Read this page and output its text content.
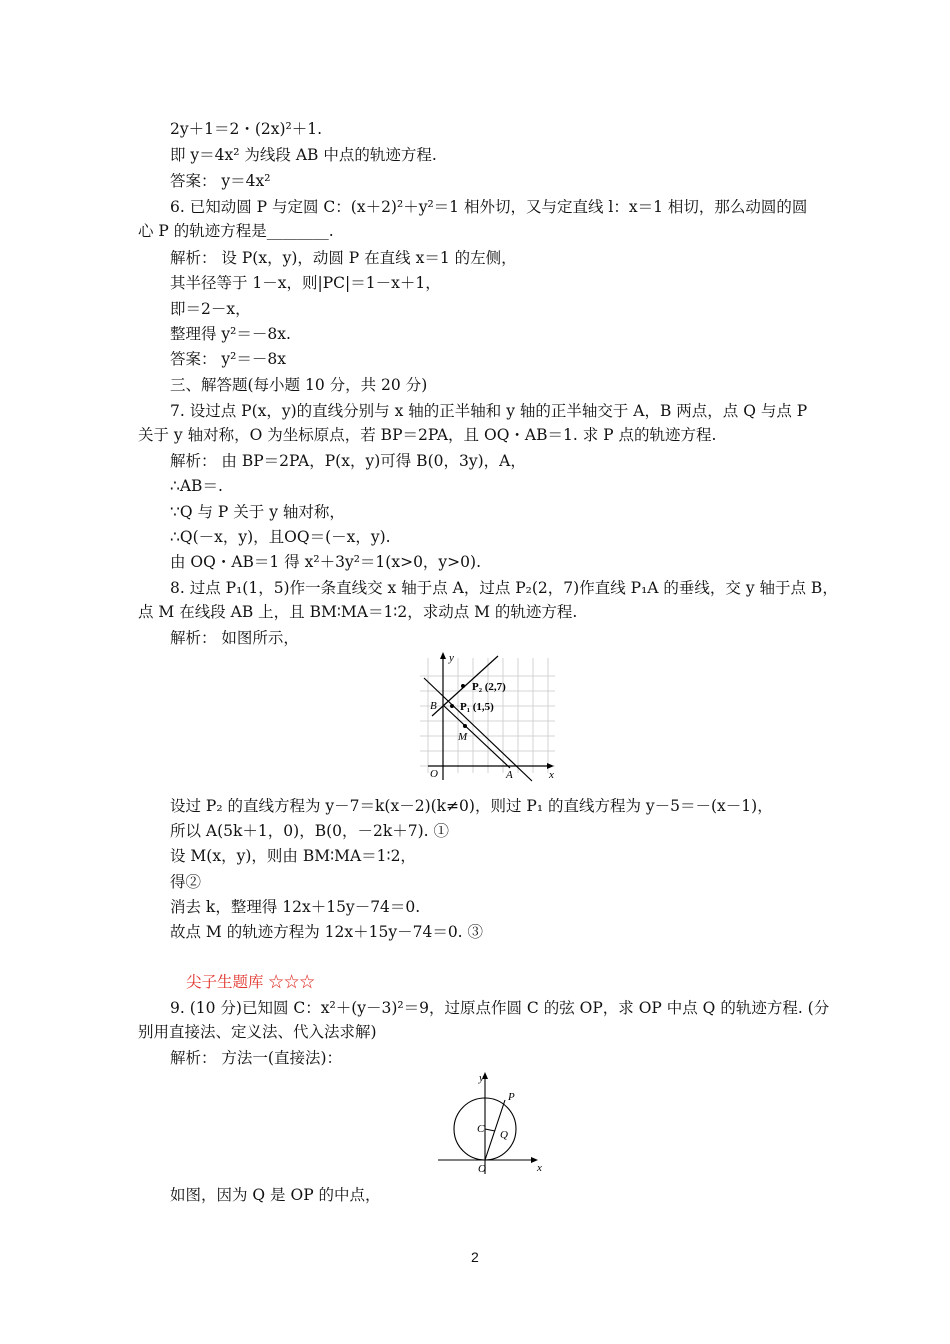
2y＋1＝2・(2x)²＋1.
即 y＝4x² 为线段 AB 中点的轨迹方程.
答案： y＝4x²
6. 已知动圆 P 与定圆 C：(x＋2)²＋y²＝1 相外切，又与定直线 l：x＝1 相切，那么动圆的圆
心 P 的轨迹方程是________.
解析： 设 P(x，y)，动圆 P 在直线 x＝1 的左侧，
其半径等于 1－x，则|PC|＝1－x＋1，
即＝2－x，
整理得 y²＝－8x.
答案： y²＝－8x
三、解答题(每小题 10 分，共 20 分)
7. 设过点 P(x，y)的直线分别与 x 轴的正半轴和 y 轴的正半轴交于 A，B 两点，点 Q 与点 P
关于 y 轴对称，O 为坐标原点，若 BP＝2PA，且 OQ・AB＝1. 求 P 点的轨迹方程.
解析： 由 BP＝2PA，P(x，y)可得 B(0，3y)，A，
∴AB＝.
∵Q 与 P 关于 y 轴对称，
∴Q(－x，y)，且OQ＝(－x，y).
由 OQ・AB＝1 得 x²＋3y²＝1(x>0，y>0).
8. 过点 P₁(1，5)作一条直线交 x 轴于点 A，过点 P₂(2，7)作直线 P₁A 的垂线，交 y 轴于点 B，
点 M 在线段 AB 上，且 BM∶MA＝1∶2，求动点 M 的轨迹方程.
解析： 如图所示，
y
x
O	A
B
M
P₂ (2,7)
P₁ (1,5)
设过 P₂ 的直线方程为 y－7＝k(x－2)(k≠0)，则过 P₁ 的直线方程为 y－5＝－(x－1)，
所以 A(5k＋1，0)，B(0，－2k＋7). ①
设 M(x，y)，则由 BM∶MA＝1∶2，
得②
消去 k，整理得 12x＋15y－74＝0.
故点 M 的轨迹方程为 12x＋15y－74＝0. ③
尖子生题库 ☆☆☆
9. (10 分)已知圆 C：x²＋(y－3)²＝9，过原点作圆 C 的弦 OP，求 OP 中点 Q 的轨迹方程. (分
别用直接法、定义法、代入法求解)
解析： 方法一(直接法)：
y
x
O
P
C Q
如图，因为 Q 是 OP 的中点，
2
